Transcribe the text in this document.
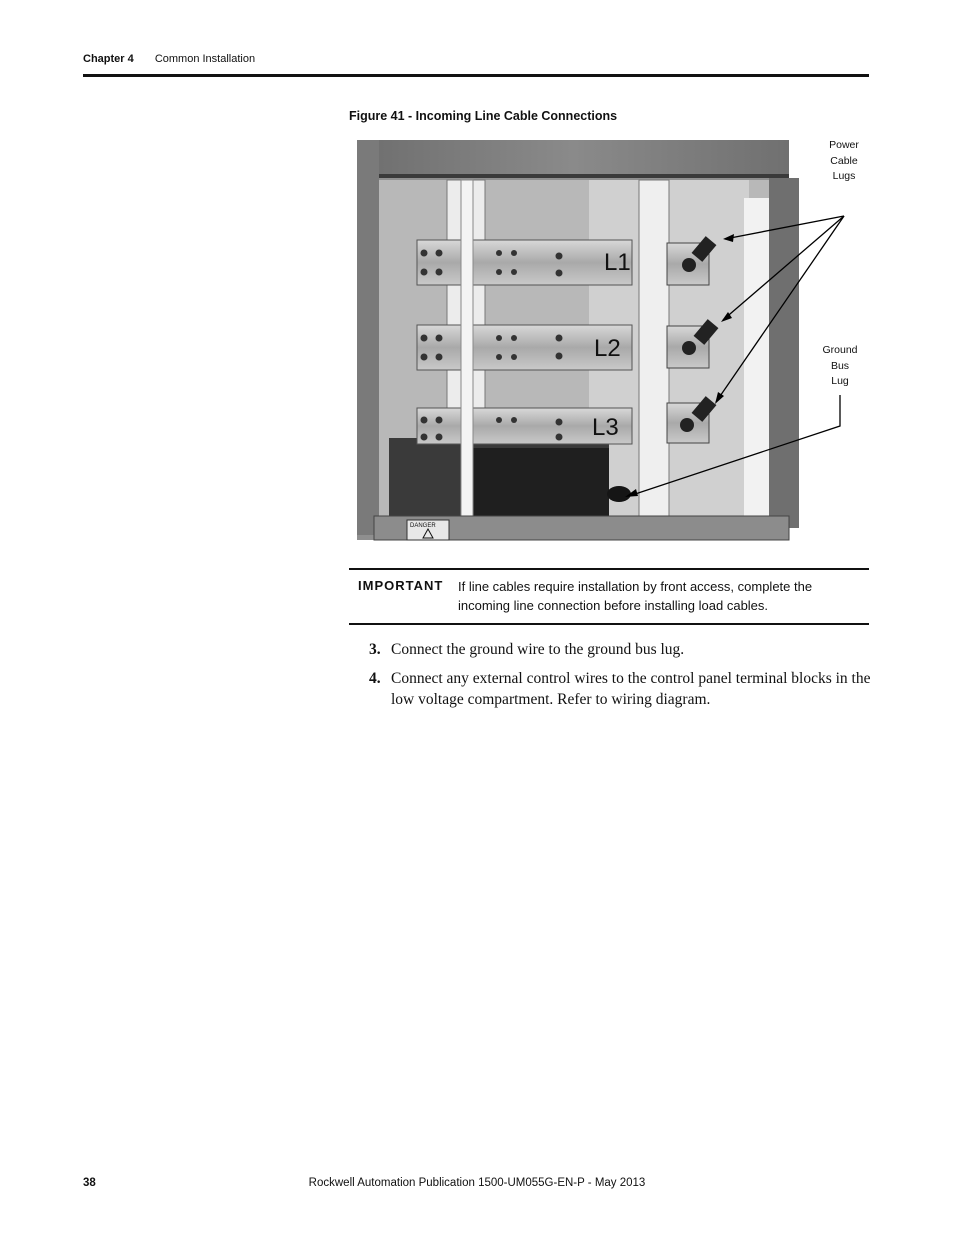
Chapter 4 Common Installation
Figure 41 - Incoming Line Cable Connections
L1
L2
L3
DANGER
Power
Cable
Lugs
Ground
Bus
Lug
IMPORTANT If line cables require installation by front access, complete the incoming line connection before installing load cables.
3. Connect the ground wire to the ground bus lug.
4. Connect any external control wires to the control panel terminal blocks in the low voltage compartment. Refer to wiring diagram.
38	Rockwell Automation Publication 1500-UM055G-EN-P - May 2013
